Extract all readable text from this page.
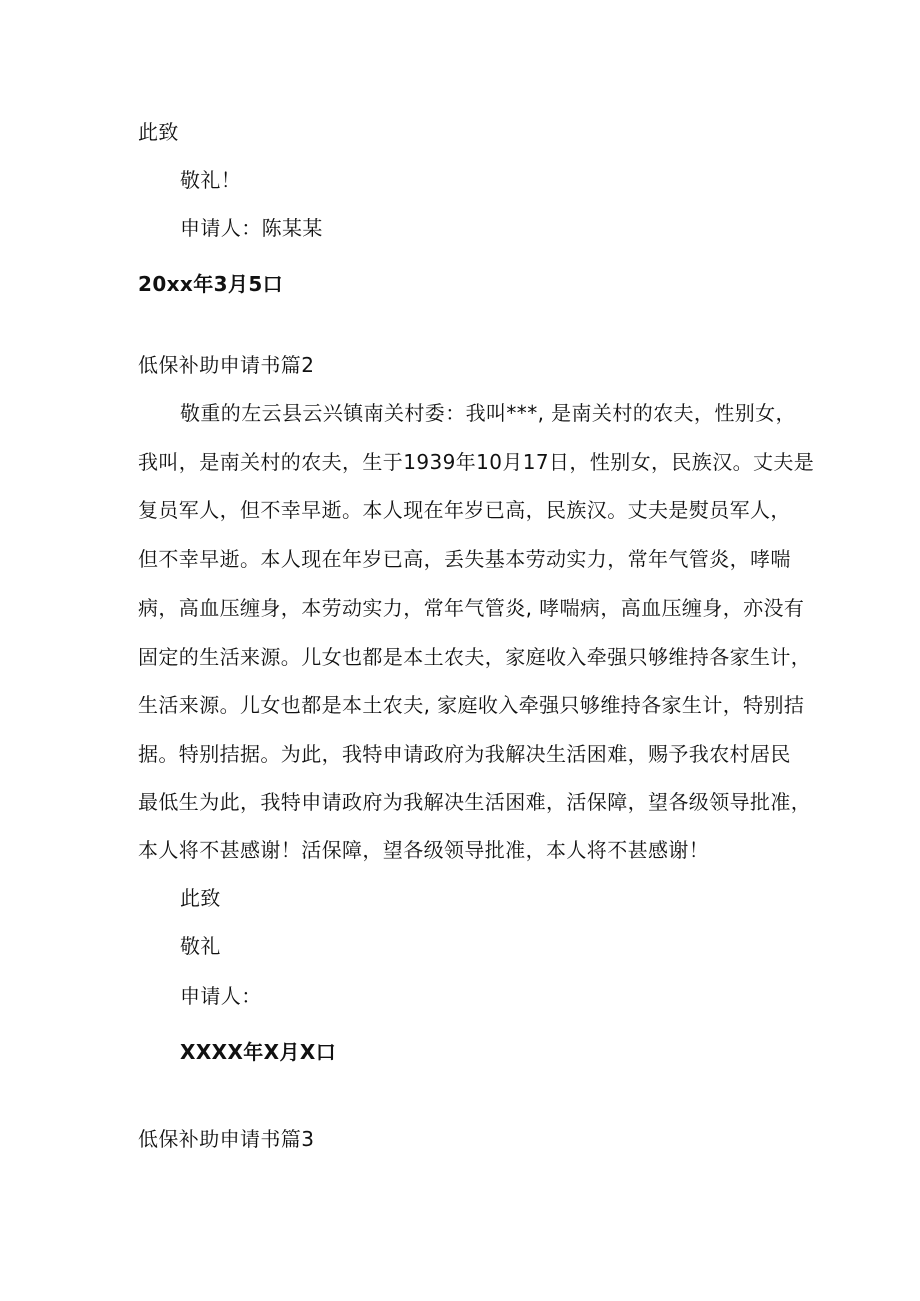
此致
敬礼！
申请人：陈某某
20xx年3月5口
低保补助申请书篇2
敬重的左云县云兴镇南关村委：我叫***, 是南关村的农夫，性别女，
我叫，是南关村的农夫，生于1939年10月17日，性别女，民族汉。丈夫是
复员军人，但不幸早逝。本人现在年岁已高，民族汉。丈夫是熨员军人，
但不幸早逝。本人现在年岁已高，丢失基本劳动实力，常年气管炎，哮喘
病，高血压缠身，本劳动实力，常年气管炎, 哮喘病，高血压缠身，亦没有
固定的生活来源。儿女也都是本土农夫，家庭收入牵强只够维持各家生计，
生活来源。儿女也都是本土农夫, 家庭收入牵强只够维持各家生计，特别拮
据。特别拮据。为此，我特申请政府为我解决生活困难，赐予我农村居民
最低生为此，我特申请政府为我解决生活困难，活保障，望各级领导批准，
本人将不甚感谢！活保障，望各级领导批准，本人将不甚感谢！
此致
敬礼
申请人：
XXXX年X月X口
低保补助申请书篇3
